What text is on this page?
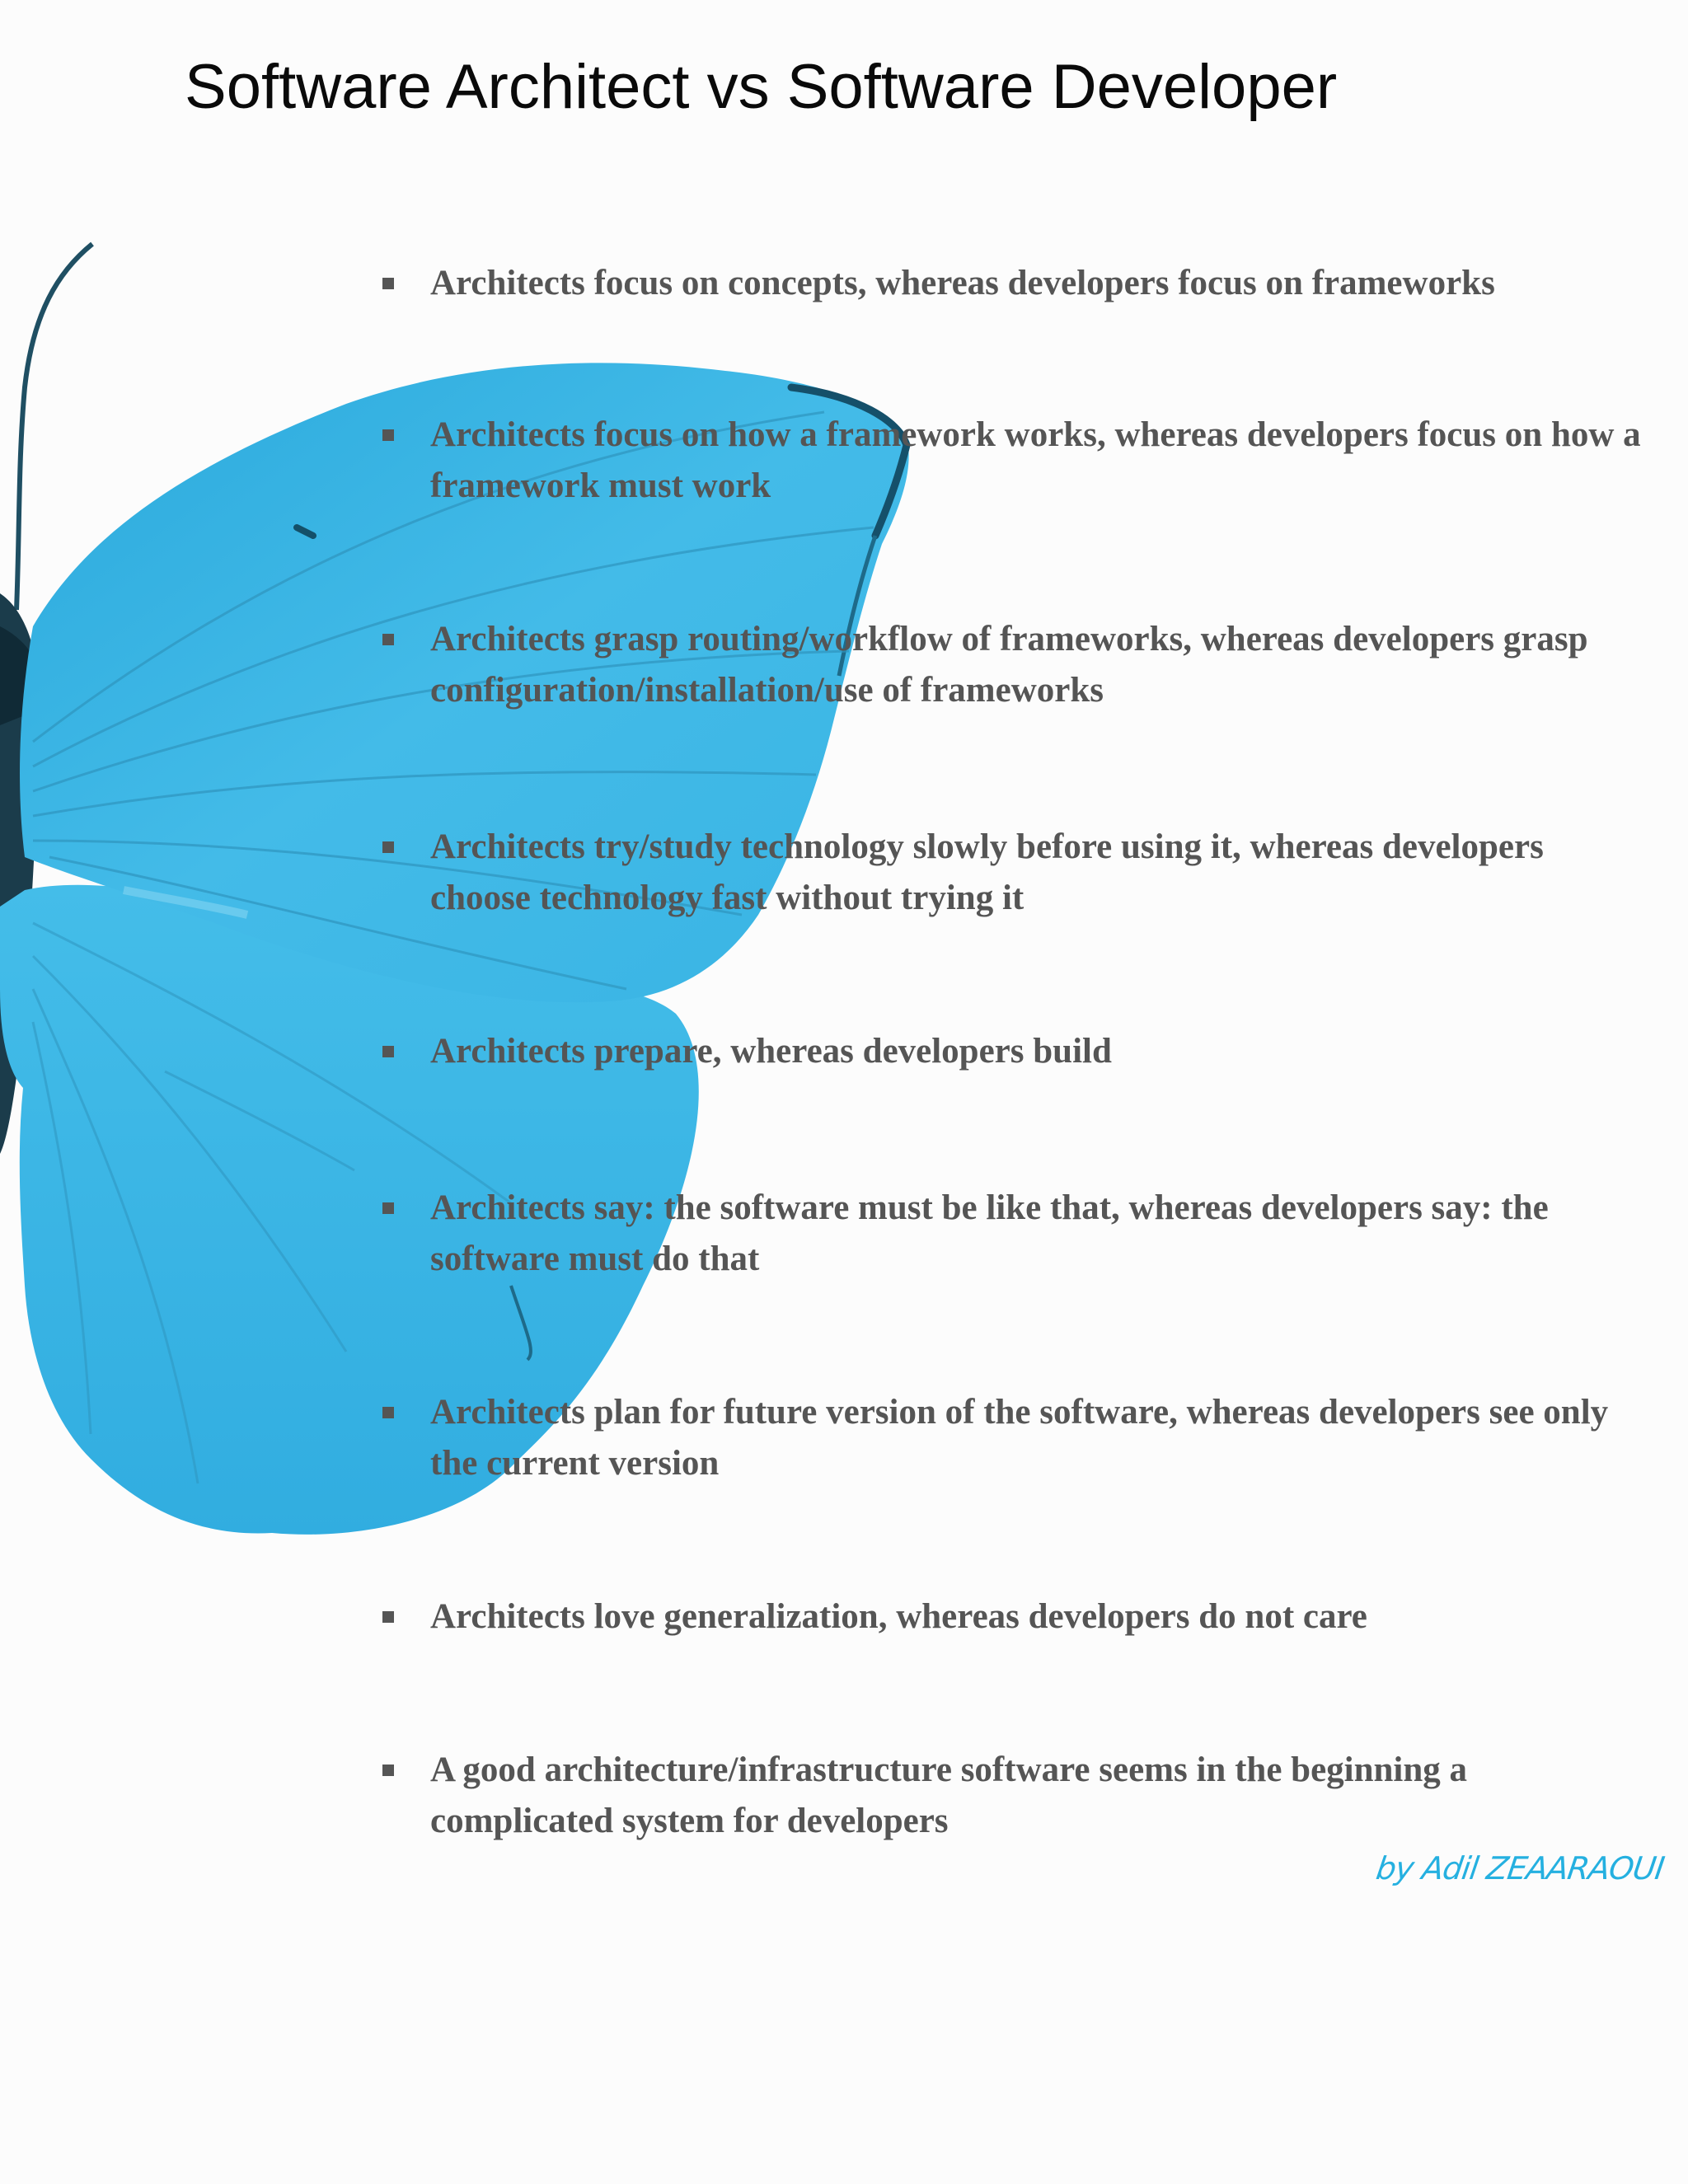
Software Architect vs Software Developer
Architects focus on concepts, whereas developers focus on frameworks
Architects focus on how a framework works, whereas developers focus on how a framework must work
Architects grasp routing/workflow of frameworks, whereas developers grasp configuration/installation/use of frameworks
Architects try/study technology slowly before using it, whereas developers choose technology fast without trying it
Architects prepare, whereas developers build
Architects say: the software must be like that, whereas developers say: the software must do that
Architects plan for future version of the software, whereas developers see only the current version
Architects love generalization, whereas developers do not care
A good architecture/infrastructure software seems in the beginning a complicated system for developers
by Adil ZEAARAOUI
